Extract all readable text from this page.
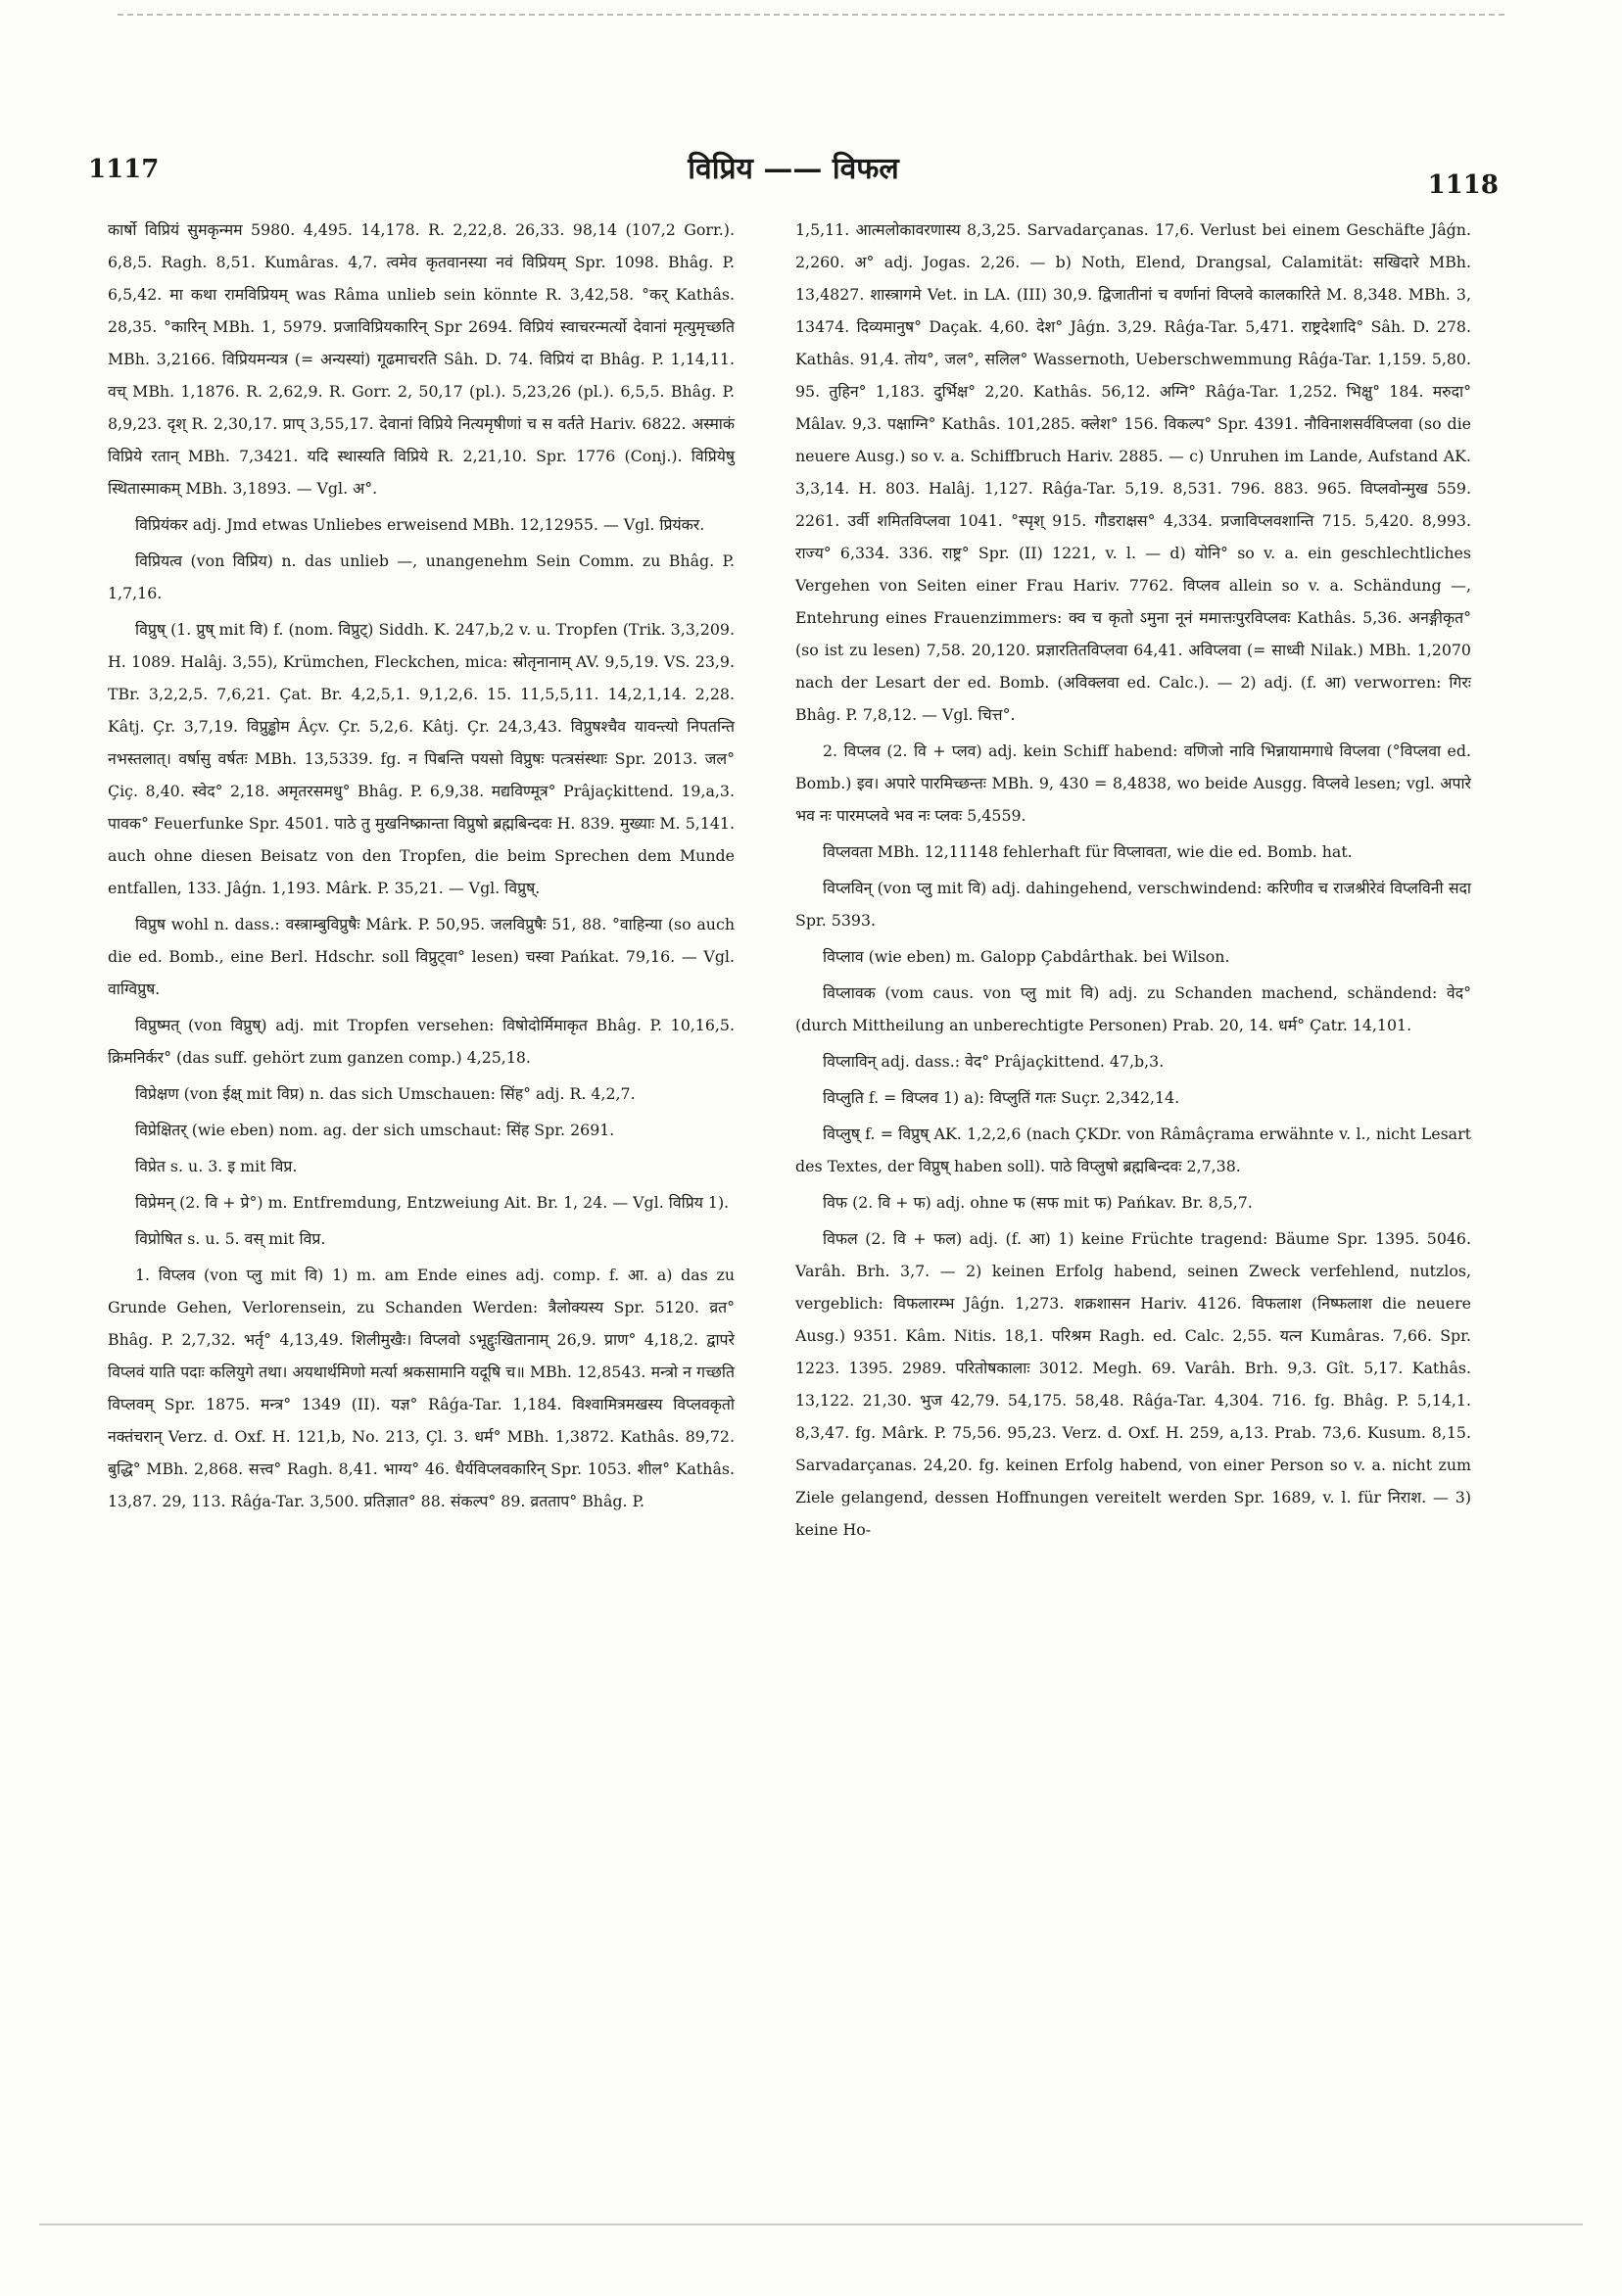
1117	विप्रिय —— विफल	1118

कार्षो विप्रियं सुमकृन्मम 5980. 4,495. 14,178. R. 2,22,8. 26,33. 98,14 (107,2 Gorr.). 6,8,5. Ragh. 8,51. Kumâras. 4,7. त्वमेव कृतवानस्या नवं विप्रियम् Spr. 1098. Bhâg. P. 6,5,42. मा कथा रामविप्रियम् was Râma unlieb sein könnte R. 3,42,58. °कर् Kathâs. 28,35. °कारिन् MBh. 1, 5979. प्रजाविप्रियकारिन् Spr 2694. विप्रियं स्वाचरन्मर्त्यो देवानां मृत्युमृच्छति MBh. 3,2166. विप्रियमन्यत्र (= अन्यस्यां) गूढमाचरति Sâh. D. 74. विप्रियं दा Bhâg. P. 1,14,11. वच् MBh. 1,1876. R. 2,62,9. R. Gorr. 2, 50,17 (pl.). 5,23,26 (pl.). 6,5,5. Bhâg. P. 8,9,23. दृश् R. 2,30,17. प्राप् 3,55,17. देवानां विप्रिये नित्यमृषीणां च स वर्तते Hariv. 6822. अस्माकं विप्रिये रतान् MBh. 7,3421. यदि स्थास्यति विप्रिये R. 2,21,10. Spr. 1776 (Conj.). विप्रियेषु स्थितास्माकम् MBh. 3,1893. — Vgl. अ°.

विप्रियंकर adj. Jmd etwas Unliebes erweisend MBh. 12,12955. — Vgl. प्रियंकर.

विप्रियत्व (von विप्रिय) n. das unlieb —, unangenehm Sein Comm. zu Bhâg. P. 1,7,16.

विप्रुष् (1. प्रुष् mit वि) f. (nom. विप्रुट्) Siddh. K. 247,b,2 v. u. Tropfen (Trik. 3,3,209. H. 1089. Halâj. 3,55), Krümchen, Fleckchen, mica: स्रोतृनानाम् AV. 9,5,19. VS. 23,9. TBr. 3,2,2,5. 7,6,21. Çat. Br. 4,2,5,1. 9,1,2,6. 15. 11,5,5,11. 14,2,1,14. 2,28. Kâtj. Çr. 3,7,19. विप्रुड्ढोम Âçv. Çr. 5,2,6. Kâtj. Çr. 24,3,43. विप्रुषश्चैव यावन्त्यो निपतन्ति नभस्तलात्। वर्षासु वर्षतः MBh. 13,5339. fg. न पिबन्ति पयसो विप्रुषः पत्त्रसंस्थाः Spr. 2013. जल° Çiç. 8,40. स्वेद° 2,18. अमृतरसमधु° Bhâg. P. 6,9,38. मद्यविण्मूत्र° Prâjaçkittend. 19,a,3. पावक° Feuerfunke Spr. 4501. पाठे तु मुखनिष्क्रान्ता विप्रुषो ब्रह्मबिन्दवः H. 839. मुख्याः M. 5,141. auch ohne diesen Beisatz von den Tropfen, die beim Sprechen dem Munde entfallen, 133. Jâǵn. 1,193. Mârk. P. 35,21. — Vgl. विप्रुष्.

विप्रुष wohl n. dass.: वस्त्राम्बुविप्रुषैः Mârk. P. 50,95. जलविप्रुषैः 51, 88. °वाहिन्या (so auch die ed. Bomb., eine Berl. Hdschr. soll विप्रुट्वा° lesen) चस्वा Pańkat. 79,16. — Vgl. वाग्विप्रुष.

विप्रुष्मत् (von विप्रुष्) adj. mit Tropfen versehen: विषोदोर्मिमाकृत Bhâg. P. 10,16,5. क्रिमनिर्कर° (das suff. gehört zum ganzen comp.) 4,25,18.

विप्रेक्षण (von ईक्ष् mit विप्र) n. das sich Umschauen: सिंह° adj. R. 4,2,7.

विप्रेक्षितर् (wie eben) nom. ag. der sich umschaut: सिंह Spr. 2691.

विप्रेत s. u. 3. इ mit विप्र.

विप्रेमन् (2. वि + प्रे°) m. Entfremdung, Entzweiung Ait. Br. 1, 24. — Vgl. विप्रिय 1).

विप्रोषित s. u. 5. वस् mit विप्र.

1. विप्लव (von प्लु mit वि) 1) m. am Ende eines adj. comp. f. आ. a) das zu Grunde Gehen, Verlorensein, zu Schanden Werden: त्रैलोक्यस्य Spr. 5120. व्रत° Bhâg. P. 2,7,32. भर्तृ° 4,13,49. शिलीमुखैः। विप्लवो ऽभूद्दुःखितानाम् 26,9. प्राण° 4,18,2. द्वापरे विप्लवं याति पदाः कलियुगे तथा। अयथार्थमिणो मर्त्या श्रकसामानि यदूषि च॥ MBh. 12,8543. मन्त्रो न गच्छति विप्लवम् Spr. 1875. मन्त्र° 1349 (II). यज्ञ° Râǵa-Tar. 1,184. विश्वामित्रमखस्य विप्लवकृतो नक्तंचरान् Verz. d. Oxf. H. 121,b, No. 213, Çl. 3. धर्म° MBh. 1,3872. Kathâs. 89,72. बुद्धि° MBh. 2,868. सत्त्व° Ragh. 8,41. भाग्य° 46. धैर्यविप्लवकारिन् Spr. 1053. शील° Kathâs. 13,87. 29, 113. Râǵa-Tar. 3,500. प्रतिज्ञात° 88. संकल्प° 89. व्रतताप° Bhâg. P.

1,5,11. आत्मलोकावरणास्य 8,3,25. Sarvadarçanas. 17,6. Verlust bei einem Geschäfte Jâǵn. 2,260. अ° adj. Jogas. 2,26. — b) Noth, Elend, Drangsal, Calamität: सखिदारे MBh. 13,4827. शास्त्रागमे Vet. in LA. (III) 30,9. द्विजातीनां च वर्णानां विप्लवे कालकारिते M. 8,348. MBh. 3, 13474. दिव्यमानुष° Daçak. 4,60. देश° Jâǵn. 3,29. Râǵa-Tar. 5,471. राष्ट्रदेशादि° Sâh. D. 278. Kathâs. 91,4. तोय°, जल°, सलिल° Wassernoth, Ueberschwemmung Râǵa-Tar. 1,159. 5,80. 95. तुहिन° 1,183. दुर्भिक्ष° 2,20. Kathâs. 56,12. अग्नि° Râǵa-Tar. 1,252. भिक्षु° 184. मरुदा° Mâlav. 9,3. पक्षाग्नि° Kathâs. 101,285. क्लेश° 156. विकल्प° Spr. 4391. नौविनाशसर्वविप्लवा (so die neuere Ausg.) so v. a. Schiffbruch Hariv. 2885. — c) Unruhen im Lande, Aufstand AK. 3,3,14. H. 803. Halâj. 1,127. Râǵa-Tar. 5,19. 8,531. 796. 883. 965. विप्लवोन्मुख 559. 2261. उर्वी शमितविप्लवा 1041. °स्पृश् 915. गौडराक्षस° 4,334. प्रजाविप्लवशान्ति 715. 5,420. 8,993. राज्य° 6,334. 336. राष्ट्र° Spr. (II) 1221, v. l. — d) योनि° so v. a. ein geschlechtliches Vergehen von Seiten einer Frau Hariv. 7762. विप्लव allein so v. a. Schändung —, Entehrung eines Frauenzimmers: क्व च कृतो ऽमुना नूनं ममात्तःपुरविप्लवः Kathâs. 5,36. अनङ्गीकृत° (so ist zu lesen) 7,58. 20,120. प्रज्ञारतितविप्लवा 64,41. अविप्लवा (= साध्वी Nilak.) MBh. 1,2070 nach der Lesart der ed. Bomb. (अविक्लवा ed. Calc.). — 2) adj. (f. आ) verworren: गिरः Bhâg. P. 7,8,12. — Vgl. चित्त°.

2. विप्लव (2. वि + प्लव) adj. kein Schiff habend: वणिजो नावि भिन्नायामगाधे विप्लवा (°विप्लवा ed. Bomb.) इव। अपारे पारमिच्छन्तः MBh. 9, 430 = 8,4838, wo beide Ausgg. विप्लवे lesen; vgl. अपारे भव नः पारमप्लवे भव नः प्लवः 5,4559.

विप्लवता MBh. 12,11148 fehlerhaft für विप्लावता, wie die ed. Bomb. hat.

विप्लविन् (von प्लु mit वि) adj. dahingehend, verschwindend: करिणीव च राजश्रीरेवं विप्लविनी सदा Spr. 5393.

विप्लाव (wie eben) m. Galopp Çabdârthak. bei Wilson.

विप्लावक (vom caus. von प्लु mit वि) adj. zu Schanden machend, schändend: वेद° (durch Mittheilung an unberechtigte Personen) Prab. 20, 14. धर्म° Çatr. 14,101.

विप्लाविन् adj. dass.: वेद° Prâjaçkittend. 47,b,3.

विप्लुति f. = विप्लव 1) a): विप्लुतिं गतः Suçr. 2,342,14.

विप्लुष् f. = विप्रुष् AK. 1,2,2,6 (nach ÇKDr. von Râmâçrama erwähnte v. l., nicht Lesart des Textes, der विप्रुष् haben soll). पाठे विप्लुषो ब्रह्मबिन्दवः 2,7,38.

विफ (2. वि + फ) adj. ohne फ (सफ mit फ) Pańkav. Br. 8,5,7.

विफल (2. वि + फल) adj. (f. आ) 1) keine Früchte tragend: Bäume Spr. 1395. 5046. Varâh. Brh. 3,7. — 2) keinen Erfolg habend, seinen Zweck verfehlend, nutzlos, vergeblich: विफलारम्भ Jâǵn. 1,273. शक्रशासन Hariv. 4126. विफलाश (निष्फलाश die neuere Ausg.) 9351. Kâm. Nitis. 18,1. परिश्रम Ragh. ed. Calc. 2,55. यत्न Kumâras. 7,66. Spr. 1223. 1395. 2989. परितोषकालाः 3012. Megh. 69. Varâh. Brh. 9,3. Gît. 5,17. Kathâs. 13,122. 21,30. भुज 42,79. 54,175. 58,48. Râǵa-Tar. 4,304. 716. fg. Bhâg. P. 5,14,1. 8,3,47. fg. Mârk. P. 75,56. 95,23. Verz. d. Oxf. H. 259, a,13. Prab. 73,6. Kusum. 8,15. Sarvadarçanas. 24,20. fg. keinen Erfolg habend, von einer Person so v. a. nicht zum Ziele gelangend, dessen Hoffnungen vereitelt werden Spr. 1689, v. l. für निराश. — 3) keine Ho-
